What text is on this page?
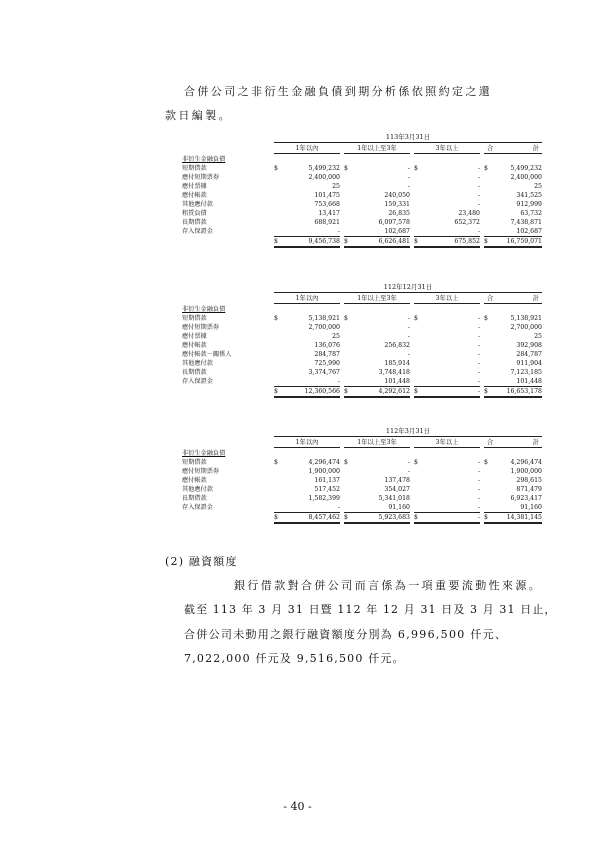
合併公司之非衍生金融負債到期分析係依照約定之還
款日編製。
113年3月31日
1年以內	1年以上至3年	3年以上	合　　　計
非衍生金融負債
短期借款	$	5,499,232 $	- $	- $	5,499,232
應付短期票券	2,400,000	-	-	2,400,000
應付票據	25	-	-	25
應付帳款	101,475	240,050	-	341,525
其他應付款	753,668	159,331	-	912,999
租賃負債	13,417	26,835	23,480	63,732
長期借款	688,921	6,097,578	652,372	7,438,871
存入保證金	-	102,687	-	102,687
$	9,456,738 $	6,626,481 $	675,852 $	16,759,071
112年12月31日
1年以內	1年以上至3年	3年以上	合　　　計
非衍生金融負債
短期借款	$	5,138,921 $	- $	- $	5,138,921
應付短期票券	2,700,000	-	-	2,700,000
應付票據	25	-	-	25
應付帳款	136,076	256,832	-	392,908
應付帳款－關係人	284,787	-	-	284,787
其他應付款	725,990	185,914	-	911,904
長期借款	3,374,767	3,748,418	-	7,123,185
存入保證金	-	101,448	-	101,448
$	12,360,566 $	4,292,612 $	- $	16,653,178
112年3月31日
1年以內	1年以上至3年	3年以上	合　　　計
非衍生金融負債
短期借款	$	4,296,474 $	- $	- $	4,296,474
應付短期票券	1,900,000	-	-	1,900,000
應付帳款	161,137	137,478	-	298,615
其他應付款	517,452	354,027	-	871,479
長期借款	1,582,399	5,341,018	-	6,923,417
存入保證金	-	91,160	-	91,160
$	8,457,462 $	5,923,683 $	- $	14,381,145
(2) 融資額度
銀行借款對合併公司而言係為一項重要流動性來源。
截至 113 年 3 月 31 日暨 112 年 12 月 31 日及 3 月 31 日止，
合併公司未動用之銀行融資額度分別為 6,996,500 仟元、
7,022,000 仟元及 9,516,500 仟元。
- 40 -
